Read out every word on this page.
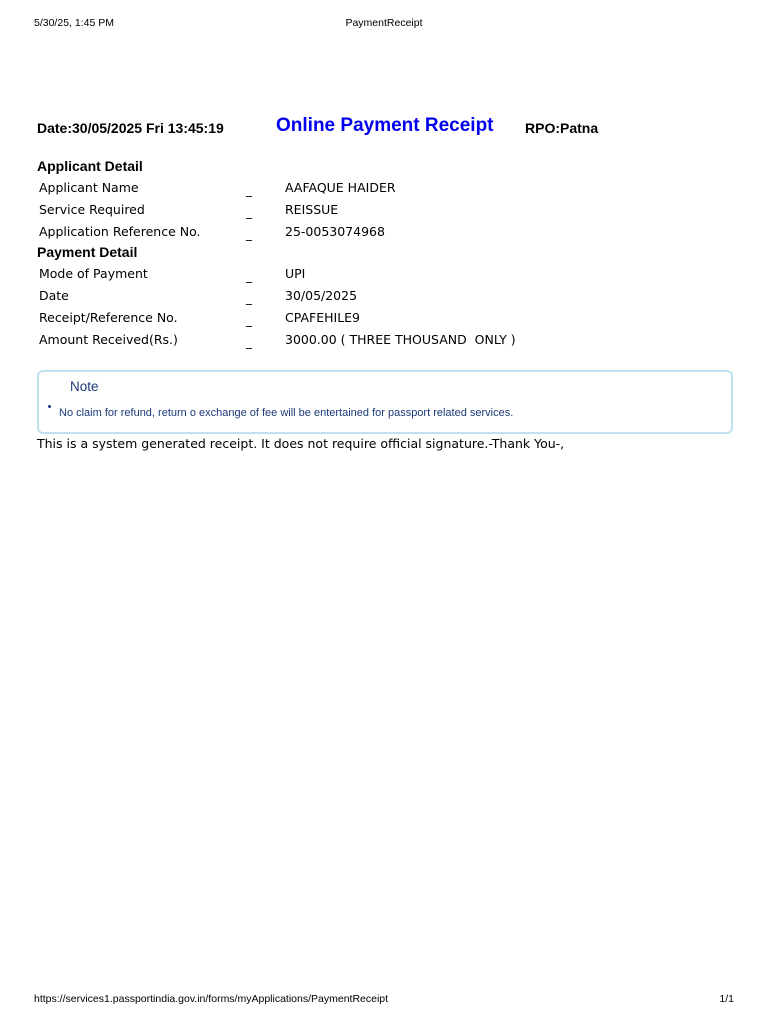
5/30/25, 1:45 PM	PaymentReceipt
Date:30/05/2025 Fri 13:45:19	Online Payment Receipt RPO:Patna
Applicant Detail
Applicant Name	_	AAFAQUE HAIDER
Service Required	_	REISSUE
Application Reference No.	_	25-0053074968
Payment Detail
Mode of Payment	_	UPI
Date	_	30/05/2025
Receipt/Reference No.	_	CPAFEHILE9
Amount Received(Rs.)	_	3000.00 ( THREE THOUSAND  ONLY )
Note
No claim for refund, return o exchange of fee will be entertained for passport related services.
This is a system generated receipt. It does not require official signature.-Thank You-,
https://services1.passportindia.gov.in/forms/myApplications/PaymentReceipt	1/1
